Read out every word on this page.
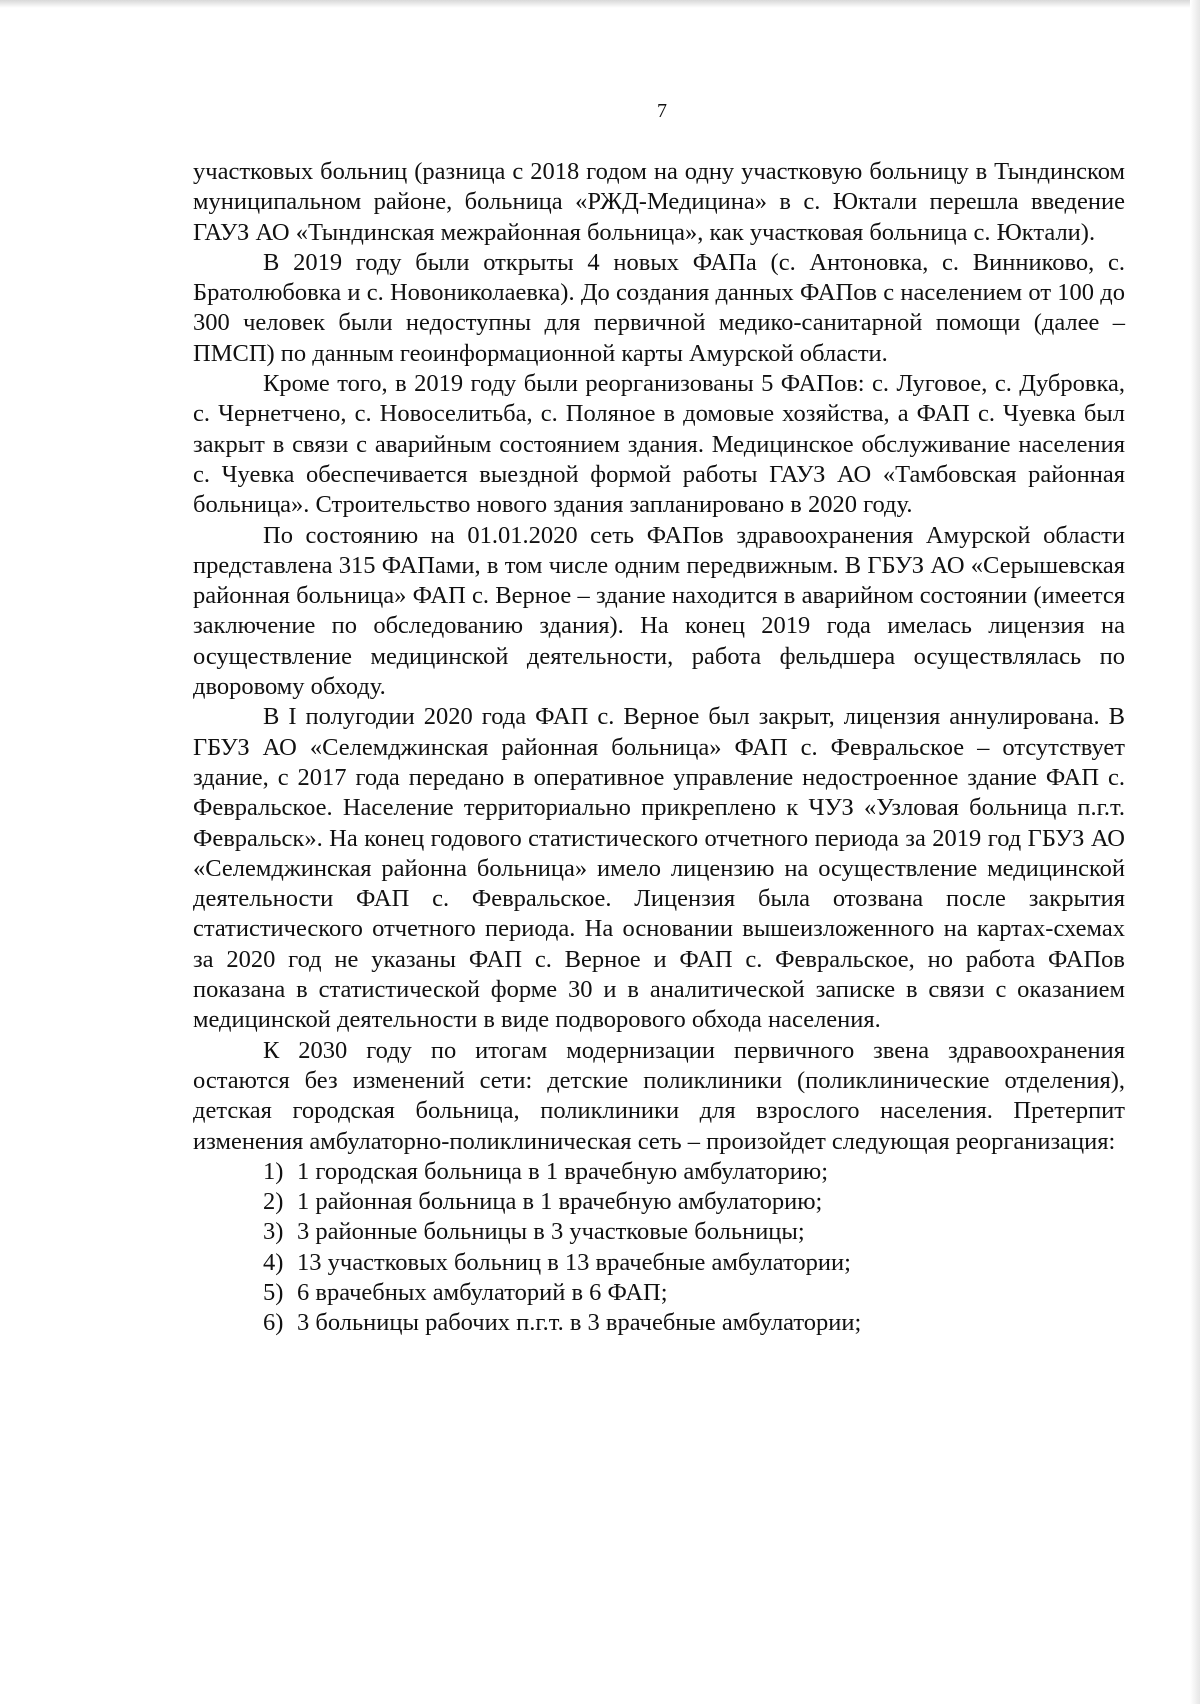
7

участковых больниц (разница с 2018 годом на одну участковую больницу в Тындинском муниципальном районе, больница «РЖД-Медицина» в с. Юктали перешла введение ГАУЗ АО «Тындинская межрайонная больница», как участковая больница с. Юктали).

В 2019 году были открыты 4 новых ФАПа (с. Антоновка, с. Винниково, с. Братолюбовка и с. Новониколаевка). До создания данных ФАПов с населением от 100 до 300 человек были недоступны для первичной медико-санитарной помощи (далее – ПМСП) по данным геоинформационной карты Амурской области.

Кроме того, в 2019 году были реорганизованы 5 ФАПов: с. Луговое, с. Дубровка, с. Чернетчено, с. Новоселитьба, с. Поляное в домовые хозяйства, а ФАП с. Чуевка был закрыт в связи с аварийным состоянием здания. Медицинское обслуживание населения с. Чуевка обеспечивается выездной формой работы ГАУЗ АО «Тамбовская районная больница». Строительство нового здания запланировано в 2020 году.

По состоянию на 01.01.2020 сеть ФАПов здравоохранения Амурской области представлена 315 ФАПами, в том числе одним передвижным. В ГБУЗ АО «Серышевская районная больница» ФАП с. Верное – здание находится в аварийном состоянии (имеется заключение по обследованию здания). На конец 2019 года имелась лицензия на осуществление медицинской деятельности, работа фельдшера осуществлялась по дворовому обходу.

В I полугодии 2020 года ФАП с. Верное был закрыт, лицензия аннулирована. В ГБУЗ АО «Селемджинская районная больница» ФАП с. Февральское – отсутствует здание, с 2017 года передано в оперативное управление недостроенное здание ФАП с. Февральское. Население территориально прикреплено к ЧУЗ «Узловая больница п.г.т. Февральск». На конец годового статистического отчетного периода за 2019 год ГБУЗ АО «Селемджинская районна больница» имело лицензию на осуществление медицинской деятельности ФАП с. Февральское. Лицензия была отозвана после закрытия статистического отчетного периода. На основании вышеизложенного на картах-схемах за 2020 год не указаны ФАП с. Верное и ФАП с. Февральское, но работа ФАПов показана в статистической форме 30 и в аналитической записке в связи с оказанием медицинской деятельности в виде подворового обхода населения.

К 2030 году по итогам модернизации первичного звена здравоохранения остаются без изменений сети: детские поликлиники (поликлинические отделения), детская городская больница, поликлиники для взрослого населения. Претерпит изменения амбулаторно-поликлиническая сеть – произойдет следующая реорганизация:

1) 1 городская больница в 1 врачебную амбулаторию;
2) 1 районная больница в 1 врачебную амбулаторию;
3) 3 районные больницы в 3 участковые больницы;
4) 13 участковых больниц в 13 врачебные амбулатории;
5) 6 врачебных амбулаторий в 6 ФАП;
6) 3 больницы рабочих п.г.т. в 3 врачебные амбулатории;
